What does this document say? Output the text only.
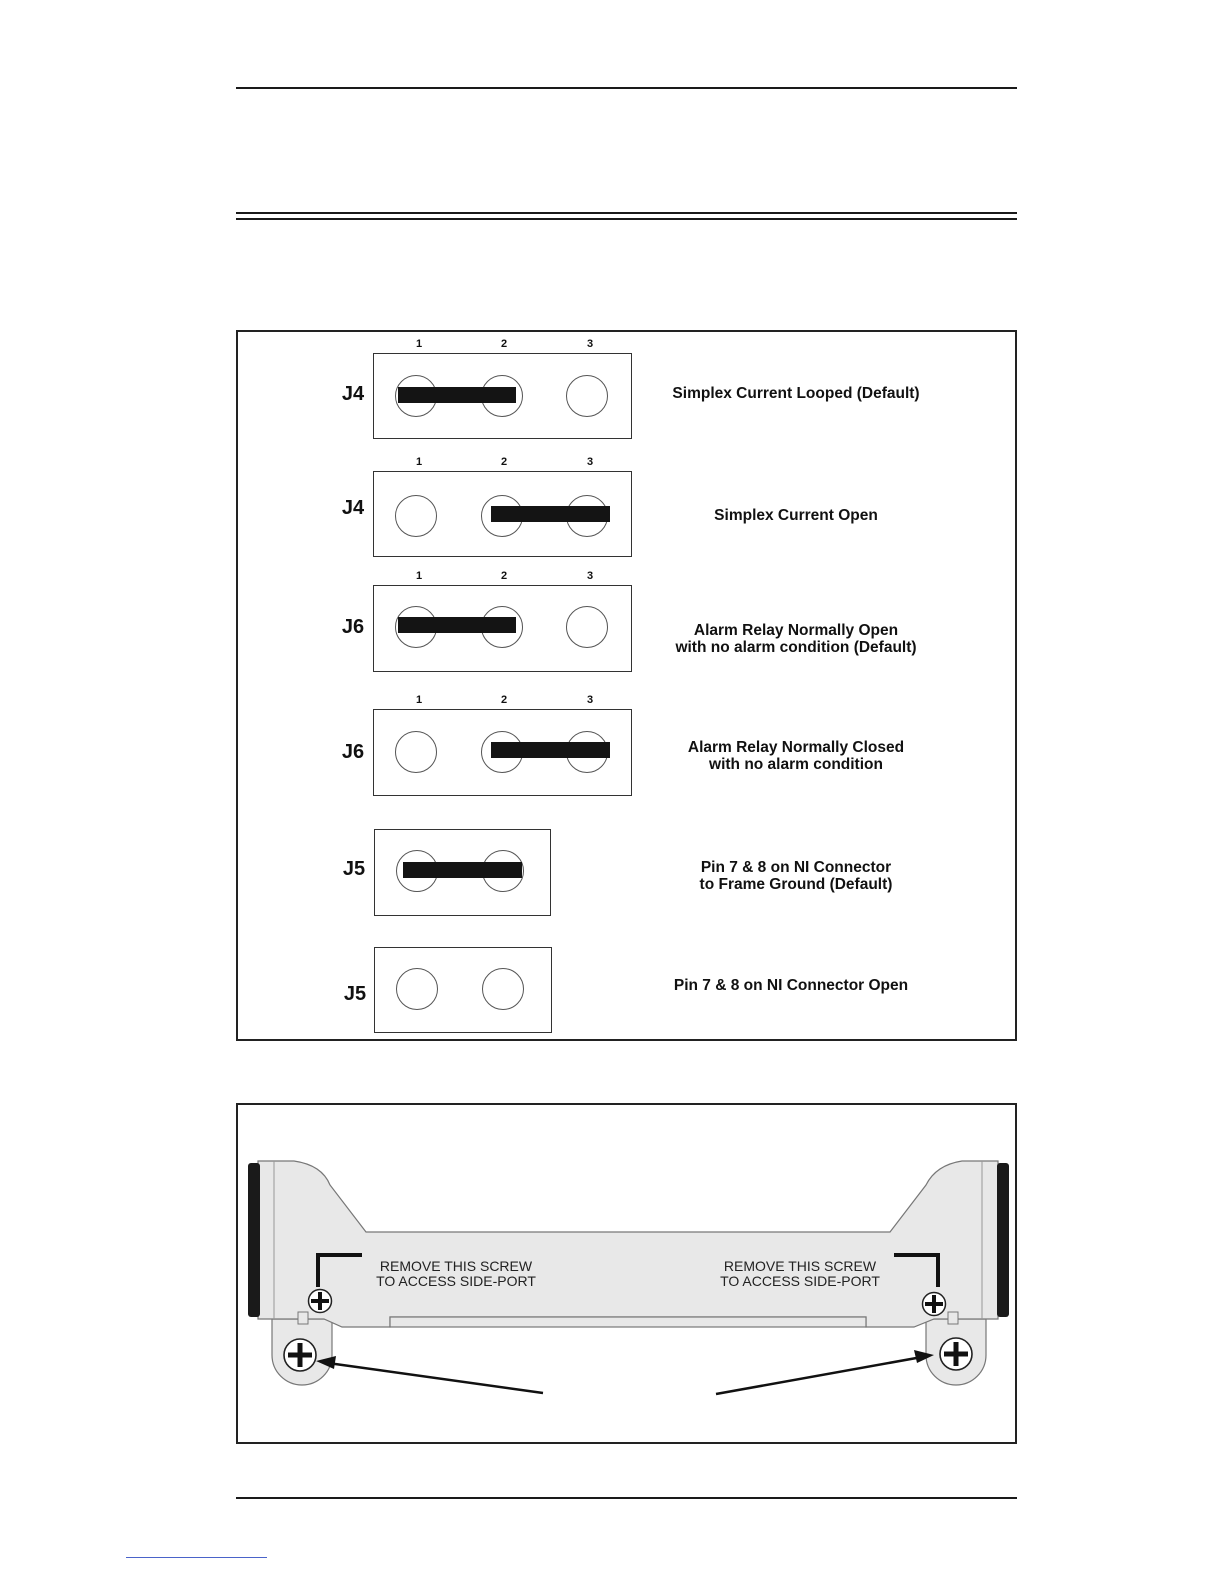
1	2	3
J4	Simplex Current Looped (Default)
1	2	3
J4	Simplex Current Open
1	2	3
J6	Alarm Relay Normally Open
with no alarm condition (Default)
1	2	3
J6	Alarm Relay Normally Closed
with no alarm condition
J5	Pin 7 & 8 on NI Connector
to Frame Ground (Default)
J5	Pin 7 & 8 on NI Connector Open
REMOVE THIS SCREW
TO ACCESS SIDE-PORT
REMOVE THIS SCREW
TO ACCESS SIDE-PORT
